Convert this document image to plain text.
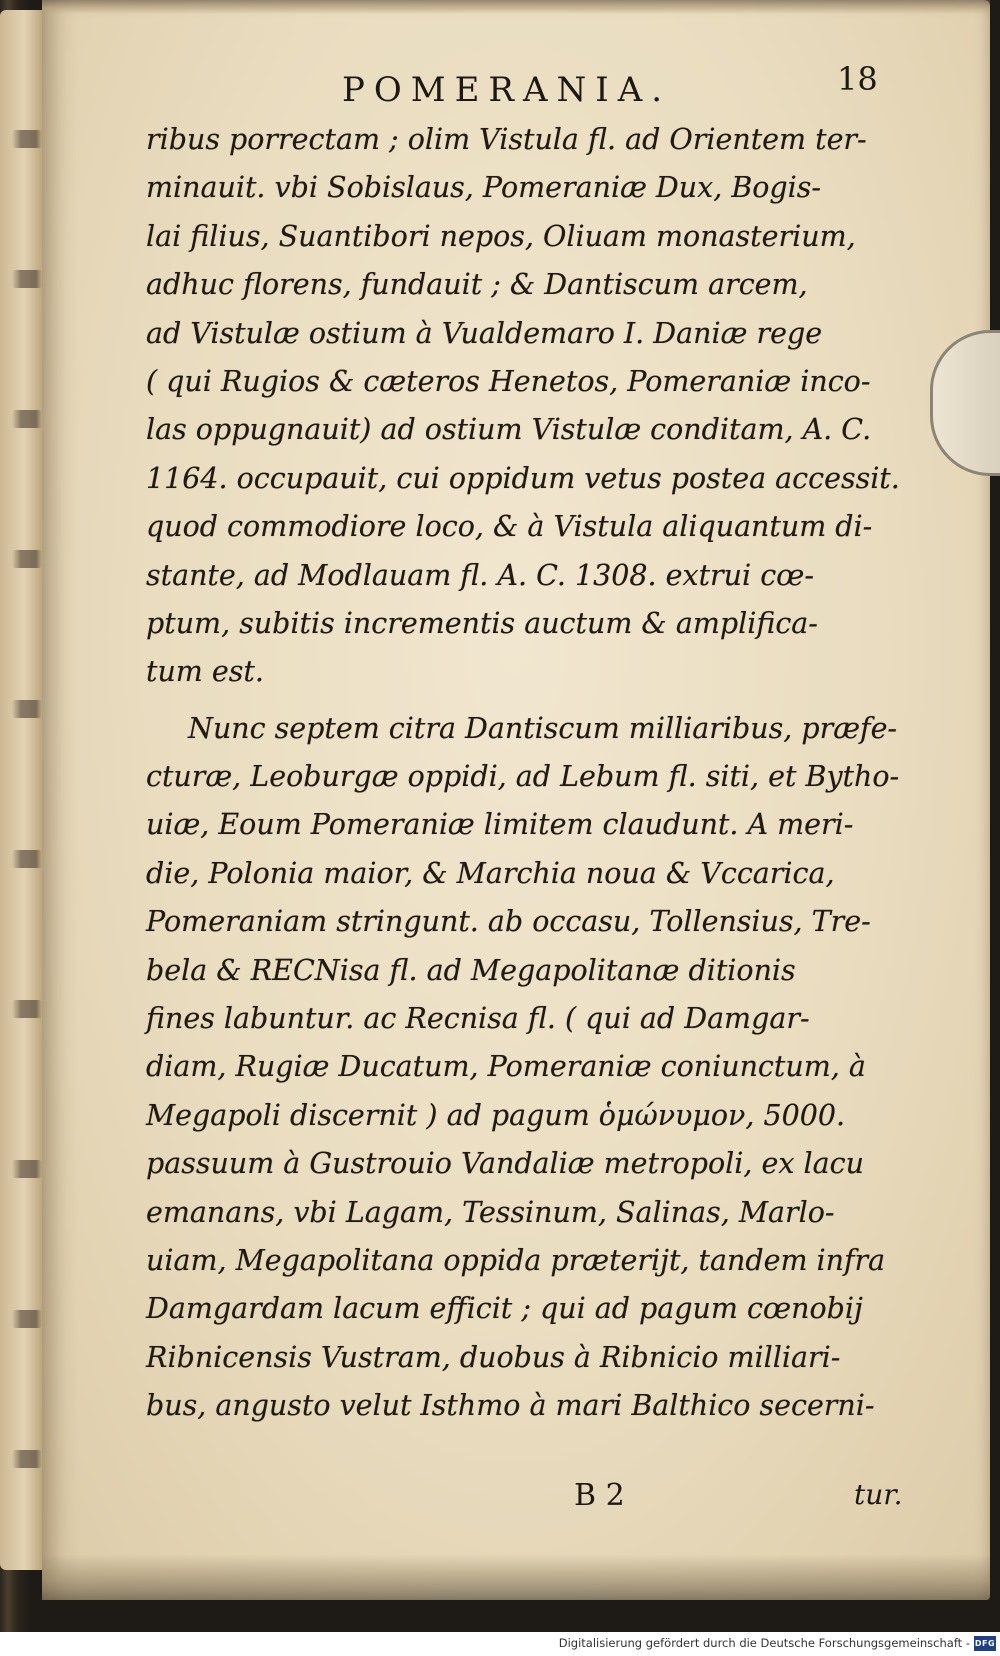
POMERANIA.	18
ribus porrectam ; olim Vistula fl. ad Orientem ter-
minauit. vbi Sobislaus, Pomeraniæ Dux, Bogis-
lai filius, Suantibori nepos, Oliuam monasterium,
adhuc florens, fundauit ; & Dantiscum arcem,
ad Vistulæ ostium à Vualdemaro I. Daniæ rege
( qui Rugios & cæteros Henetos, Pomeraniæ inco-
las oppugnauit) ad ostium Vistulæ conditam, A. C.
1164. occupauit, cui oppidum vetus postea accessit.
quod commodiore loco, & à Vistula aliquantum di-
stante, ad Modlauam fl. A. C. 1308. extrui cœ-
ptum, subitis incrementis auctum & amplifica-
tum est.
Nunc septem citra Dantiscum milliaribus, præfe-
cturæ, Leoburgæ oppidi, ad Lebum fl. siti, et Bytho-
uiæ, Eoum Pomeraniæ limitem claudunt. A meri-
die, Polonia maior, & Marchia noua & Vccarica,
Pomeraniam stringunt. ab occasu, Tollensius, Tre-
bela & RECNisa fl. ad Megapolitanæ ditionis
fines labuntur. ac Recnisa fl. ( qui ad Damgar-
diam, Rugiæ Ducatum, Pomeraniæ coniunctum, à
Megapoli discernit ) ad pagum ὁμώνυμον, 5000.
passuum à Gustrouio Vandaliæ metropoli, ex lacu
emanans, vbi Lagam, Tessinum, Salinas, Marlo-
uiam, Megapolitana oppida præterijt, tandem infra
Damgardam lacum efficit ; qui ad pagum cœnobij
Ribnicensis Vustram, duobus à Ribnicio milliari-
bus, angusto velut Isthmo à mari Balthico secerni-
B 2	tur.
Digitalisierung gefördert durch die Deutsche Forschungsgemeinschaft - DFG
